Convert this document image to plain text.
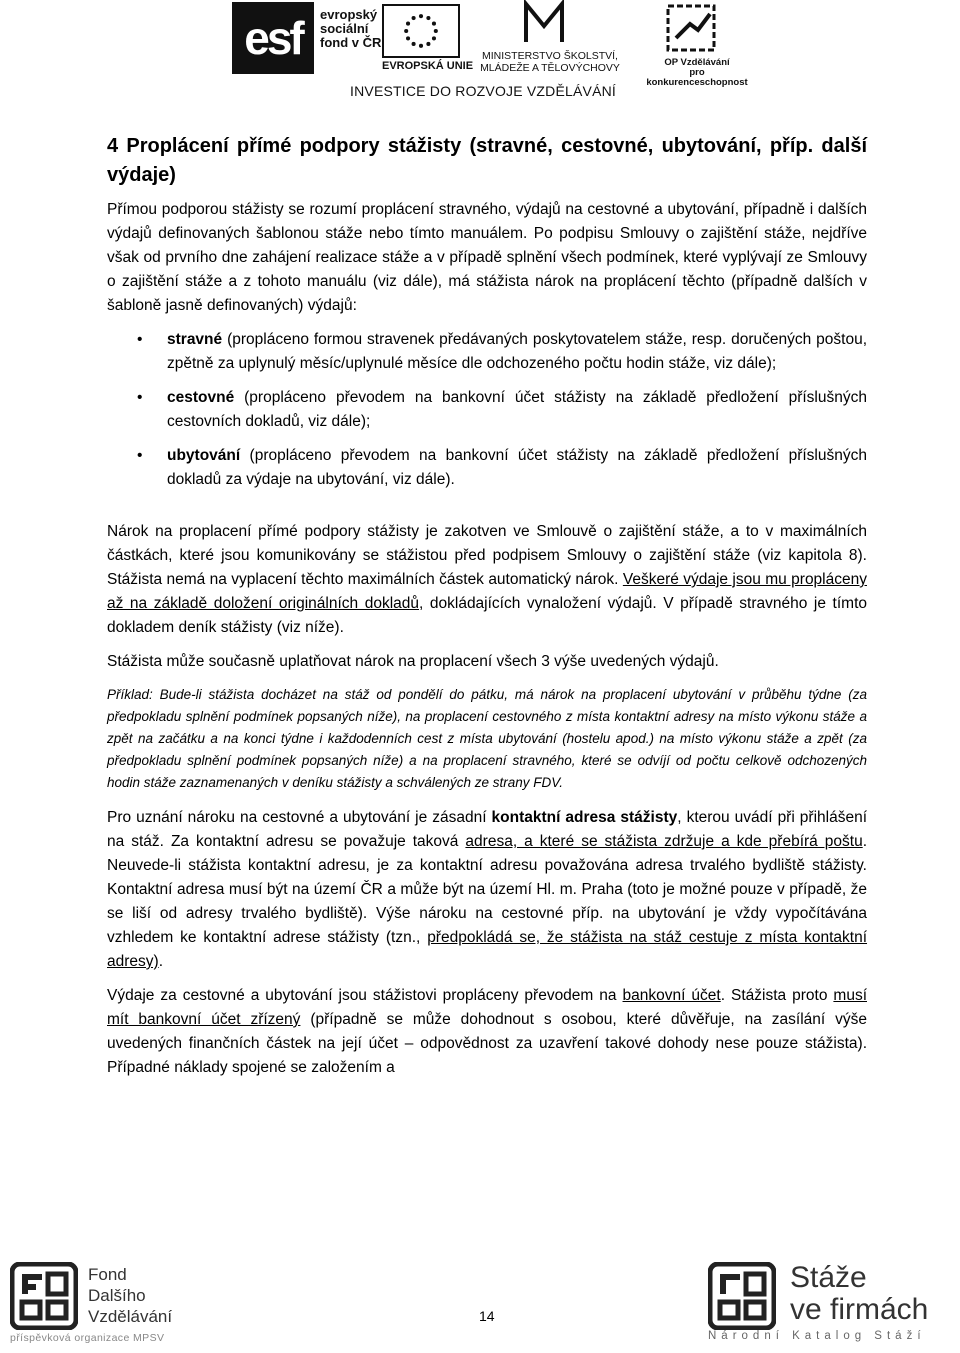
esf	evropský
sociální
fond v ČR
EVROPSKÁ UNIE
MINISTERSTVO ŠKOLSTVÍ,
MLÁDEŽE A TĚLOVÝCHOVY	OP Vzdělávání
pro konkurenceschopnost
INVESTICE DO ROZVOJE VZDĚLÁVÁNÍ
4 Proplácení přímé podpory stážisty (stravné, cestovné, ubytování, příp. další výdaje)

Přímou podporou stážisty se rozumí proplácení stravného, výdajů na cestovné a ubytování, případně i dalších výdajů definovaných šablonou stáže nebo tímto manuálem. Po podpisu Smlouvy o zajištění stáže, nejdříve však od prvního dne zahájení realizace stáže a v případě splnění všech podmínek, které vyplývají ze Smlouvy o zajištění stáže a z tohoto manuálu (viz dále), má stážista nárok na proplácení těchto (případně dalších v šabloně jasně definovaných) výdajů:

• stravné (propláceno formou stravenek předávaných poskytovatelem stáže, resp. doručených poštou, zpětně za uplynulý měsíc/uplynulé měsíce dle odchozeného počtu hodin stáže, viz dále);
• cestovné (propláceno převodem na bankovní účet stážisty na základě předložení příslušných cestovních dokladů, viz dále);
• ubytování (propláceno převodem na bankovní účet stážisty na základě předložení příslušných dokladů za výdaje na ubytování, viz dále).

Nárok na proplacení přímé podpory stážisty je zakotven ve Smlouvě o zajištění stáže, a to v maximálních částkách, které jsou komunikovány se stážistou před podpisem Smlouvy o zajištění stáže (viz kapitola 8). Stážista nemá na vyplacení těchto maximálních částek automatický nárok. Veškeré výdaje jsou mu propláceny až na základě doložení originálních dokladů, dokládajících vynaložení výdajů. V případě stravného je tímto dokladem deník stážisty (viz níže).

Stážista může současně uplatňovat nárok na proplacení všech 3 výše uvedených výdajů.

Příklad: Bude-li stážista docházet na stáž od pondělí do pátku, má nárok na proplacení ubytování v průběhu týdne (za předpokladu splnění podmínek popsaných níže), na proplacení cestovného z místa kontaktní adresy na místo výkonu stáže a zpět na začátku a na konci týdne i každodenních cest z místa ubytování (hostelu apod.) na místo výkonu stáže a zpět (za předpokladu splnění podmínek popsaných níže) a na proplacení stravného, které se odvíjí od počtu celkově odchozených hodin stáže zaznamenaných v deníku stážisty a schválených ze strany FDV.

Pro uznání nároku na cestovné a ubytování je zásadní kontaktní adresa stážisty, kterou uvádí při přihlášení na stáž. Za kontaktní adresu se považuje taková adresa, a které se stážista zdržuje a kde přebírá poštu. Neuvede-li stážista kontaktní adresu, je za kontaktní adresu považována adresa trvalého bydliště stážisty. Kontaktní adresa musí být na území ČR a může být na území Hl. m. Praha (toto je možné pouze v případě, že se liší od adresy trvalého bydliště). Výše nároku na cestovné příp. na ubytování je vždy vypočítávána vzhledem ke kontaktní adrese stážisty (tzn., předpokládá se, že stážista na stáž cestuje z místa kontaktní adresy).

Výdaje za cestovné a ubytování jsou stážistovi propláceny převodem na bankovní účet. Stážista proto musí mít bankovní účet zřízený (případně se může dohodnout s osobou, které důvěřuje, na zasílání výše uvedených finančních částek na její účet – odpovědnost za uzavření takové dohody nese pouze stážista). Případné náklady spojené se založením a

Fond
Dalšího
Vzdělávání
příspěvková organizace MPSV
14
Stáže
ve firmách
Národní Katalog Stáží
